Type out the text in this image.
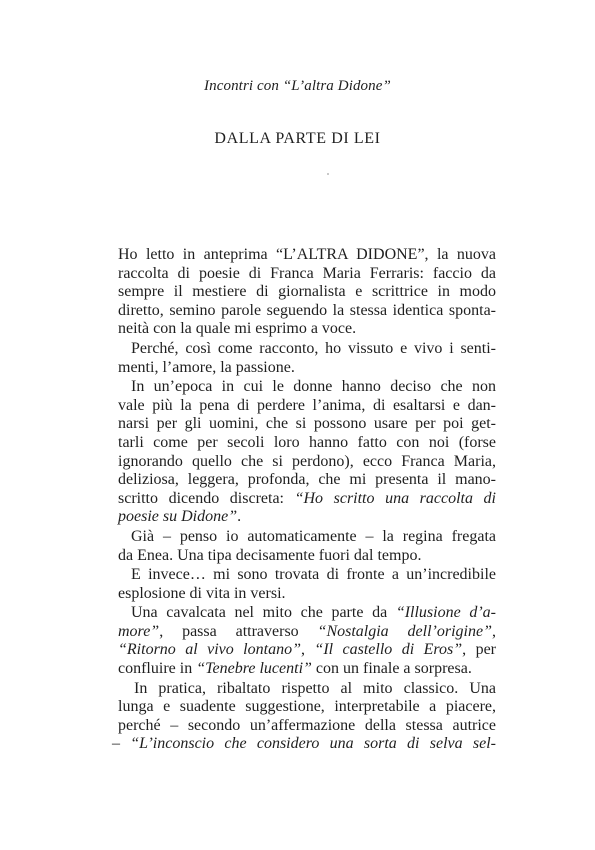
Incontri con “L’altra Didone”
DALLA PARTE DI LEI
Ho letto in anteprima “L’ALTRA DIDONE”, la nuova
raccolta di poesie di Franca Maria Ferraris: faccio da
sempre il mestiere di giornalista e scrittrice in modo
diretto, semino parole seguendo la stessa identica sponta-
neità con la quale mi esprimo a voce.
Perché, così come racconto, ho vissuto e vivo i senti-
menti, l’amore, la passione.
In un’epoca in cui le donne hanno deciso che non
vale più la pena di perdere l’anima, di esaltarsi e dan-
narsi per gli uomini, che si possono usare per poi get-
tarli come per secoli loro hanno fatto con noi (forse
ignorando quello che si perdono), ecco Franca Maria,
deliziosa, leggera, profonda, che mi presenta il mano-
scritto dicendo discreta: “Ho scritto una raccolta di
poesie su Didone”.
Già – penso io automaticamente – la regina fregata
da Enea. Una tipa decisamente fuori dal tempo.
E invece… mi sono trovata di fronte a un’incredibile
esplosione di vita in versi.
Una cavalcata nel mito che parte da “Illusione d’a-
more”, passa attraverso “Nostalgia dell’origine”,
“Ritorno al vivo lontano”, “Il castello di Eros”, per
confluire in “Tenebre lucenti” con un finale a sorpresa.
In pratica, ribaltato rispetto al mito classico. Una
lunga e suadente suggestione, interpretabile a piacere,
perché – secondo un’affermazione della stessa autrice
– “L’inconscio che considero una sorta di selva sel-
